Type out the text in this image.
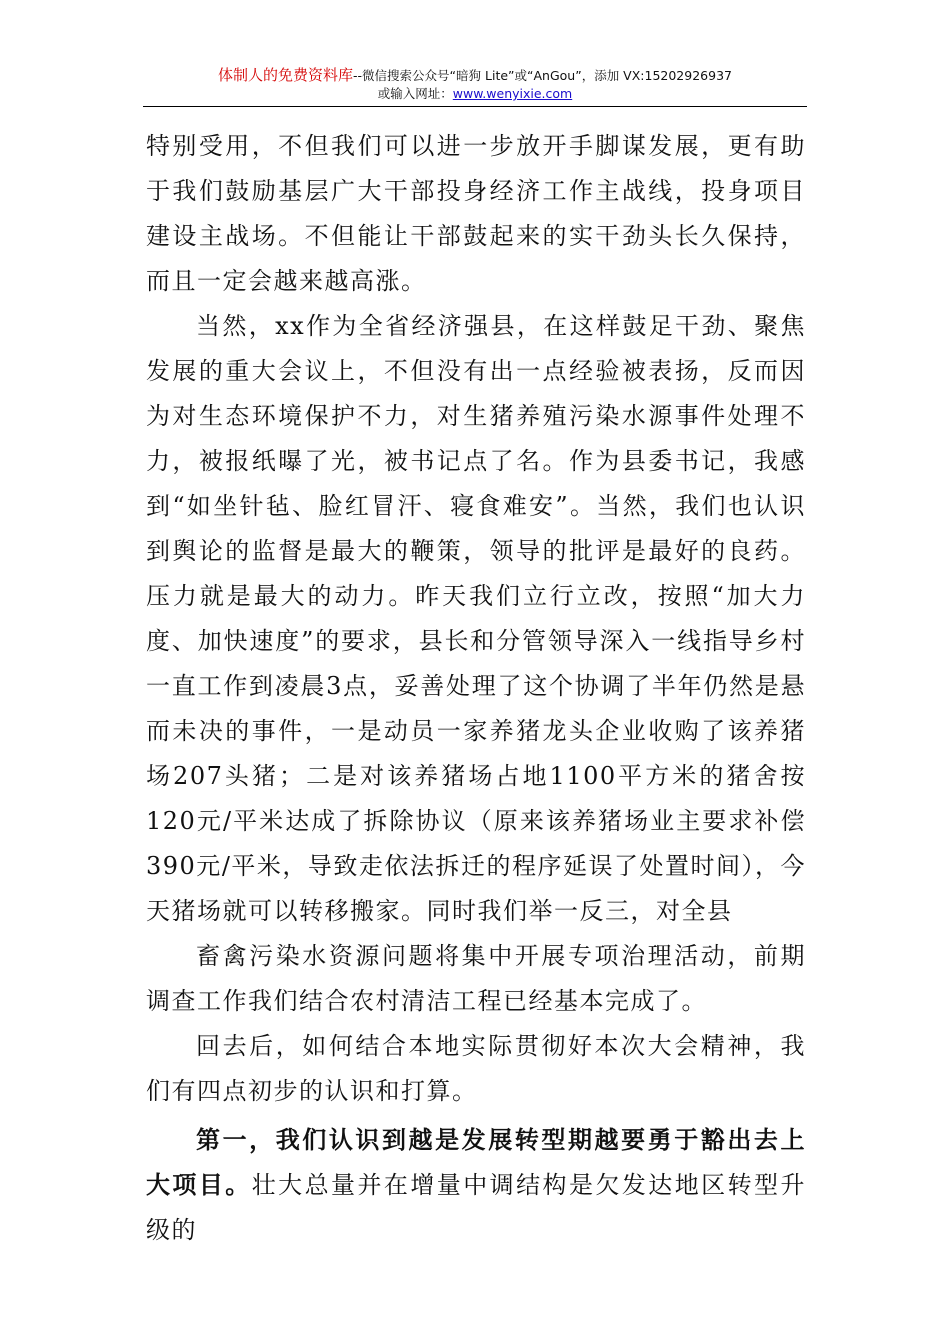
体制人的免费资料库--微信搜索公众号“暗狗 Lite”或“AnGou”，添加 VX:15202926937
或输入网址：www.wenyixie.com

特别受用，不但我们可以进一步放开手脚谋发展，更有助于我们鼓励基层广大干部投身经济工作主战线，投身项目建设主战场。不但能让干部鼓起来的实干劲头长久保持，而且一定会越来越高涨。

当然，xx作为全省经济强县，在这样鼓足干劲、聚焦发展的重大会议上，不但没有出一点经验被表扬，反而因为对生态环境保护不力，对生猪养殖污染水源事件处理不力，被报纸曝了光，被书记点了名。作为县委书记，我感到“如坐针毡、脸红冒汗、寝食难安”。当然，我们也认识到舆论的监督是最大的鞭策，领导的批评是最好的良药。压力就是最大的动力。昨天我们立行立改，按照“加大力度、加快速度”的要求，县长和分管领导深入一线指导乡村一直工作到凌晨3点，妥善处理了这个协调了半年仍然是悬而未决的事件，一是动员一家养猪龙头企业收购了该养猪场207头猪；二是对该养猪场占地1100平方米的猪舍按120元/平米达成了拆除协议（原来该养猪场业主要求补偿390元/平米，导致走依法拆迁的程序延误了处置时间），今天猪场就可以转移搬家。同时我们举一反三，对全县

畜禽污染水资源问题将集中开展专项治理活动，前期调查工作我们结合农村清洁工程已经基本完成了。

回去后，如何结合本地实际贯彻好本次大会精神，我们有四点初步的认识和打算。

第一，我们认识到越是发展转型期越要勇于豁出去上大项目。壮大总量并在增量中调结构是欠发达地区转型升级的
